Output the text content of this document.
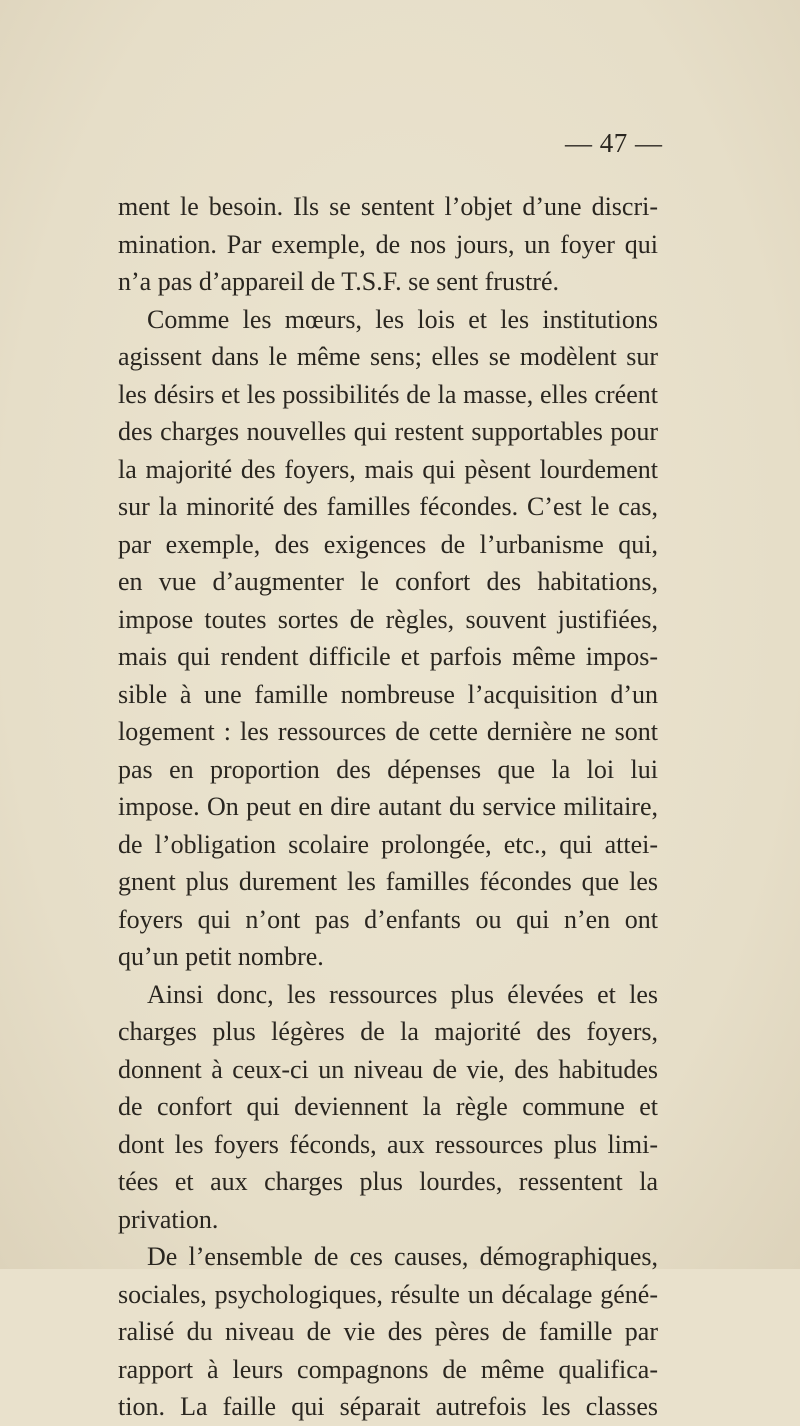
— 47 —
ment le besoin. Ils se sentent l’objet d’une discri-
mination. Par exemple, de nos jours, un foyer qui
n’a pas d’appareil de T.S.F. se sent frustré.
Comme les mœurs, les lois et les institutions
agissent dans le même sens; elles se modèlent sur
les désirs et les possibilités de la masse, elles créent
des charges nouvelles qui restent supportables pour
la majorité des foyers, mais qui pèsent lourdement
sur la minorité des familles fécondes. C’est le cas,
par exemple, des exigences de l’urbanisme qui,
en vue d’augmenter le confort des habitations,
impose toutes sortes de règles, souvent justifiées,
mais qui rendent difficile et parfois même impos-
sible à une famille nombreuse l’acquisition d’un
logement : les ressources de cette dernière ne sont
pas en proportion des dépenses que la loi lui
impose. On peut en dire autant du service militaire,
de l’obligation scolaire prolongée, etc., qui attei-
gnent plus durement les familles fécondes que les
foyers qui n’ont pas d’enfants ou qui n’en ont
qu’un petit nombre.
Ainsi donc, les ressources plus élevées et les
charges plus légères de la majorité des foyers,
donnent à ceux-ci un niveau de vie, des habitudes
de confort qui deviennent la règle commune et
dont les foyers féconds, aux ressources plus limi-
tées et aux charges plus lourdes, ressentent la
privation.
De l’ensemble de ces causes, démographiques,
sociales, psychologiques, résulte un décalage géné-
ralisé du niveau de vie des pères de famille par
rapport à leurs compagnons de même qualifica-
tion. La faille qui séparait autrefois les classes
